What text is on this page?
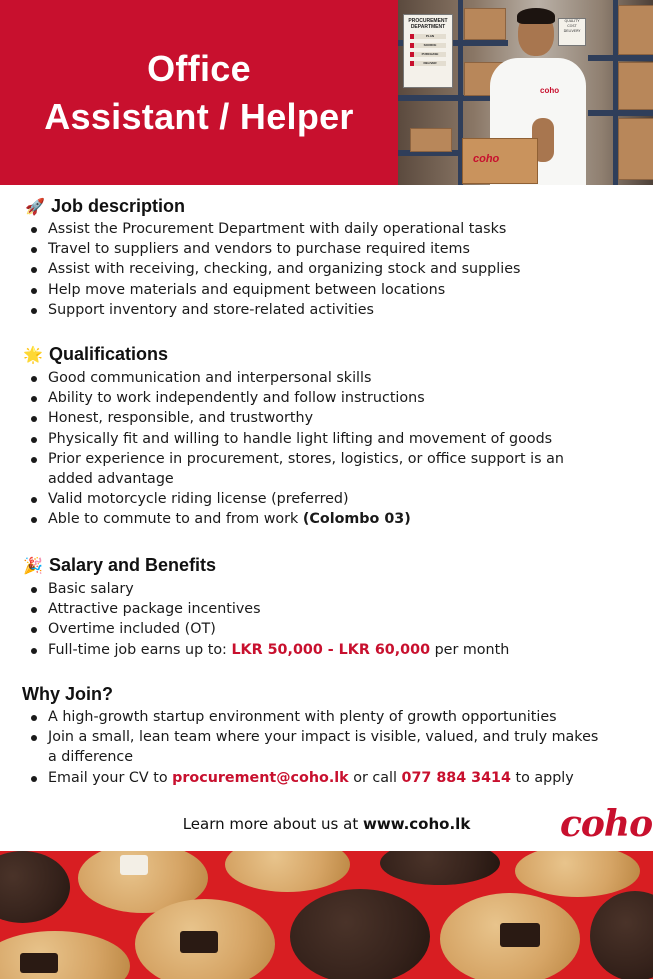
Office
Assistant / Helper
PROCUREMENT DEPARTMENT
PLAN
SOURCE
PURCHASE
DELIVER
QUALITY
COST
DELIVERY
coho
coho
🚀 Job description
Assist the Procurement Department with daily operational tasks
Travel to suppliers and vendors to purchase required items
Assist with receiving, checking, and organizing stock and supplies
Help move materials and equipment between locations
Support inventory and store-related activities
🌟 Qualifications
Good communication and interpersonal skills
Ability to work independently and follow instructions
Honest, responsible, and trustworthy
Physically fit and willing to handle light lifting and movement of goods
Prior experience in procurement, stores, logistics, or office support is an added advantage
Valid motorcycle riding license (preferred)
Able to commute to and from work (Colombo 03)
🎉 Salary and Benefits
Basic salary
Attractive package incentives
Overtime included (OT)
Full-time job earns up to: LKR 50,000 - LKR 60,000 per month
Why Join?
A high-growth startup environment with plenty of growth opportunities
Join a small, lean team where your impact is visible, valued, and truly makes a difference
Email your CV to procurement@coho.lk or call 077 884 3414 to apply
Learn more about us at www.coho.lk	coho
